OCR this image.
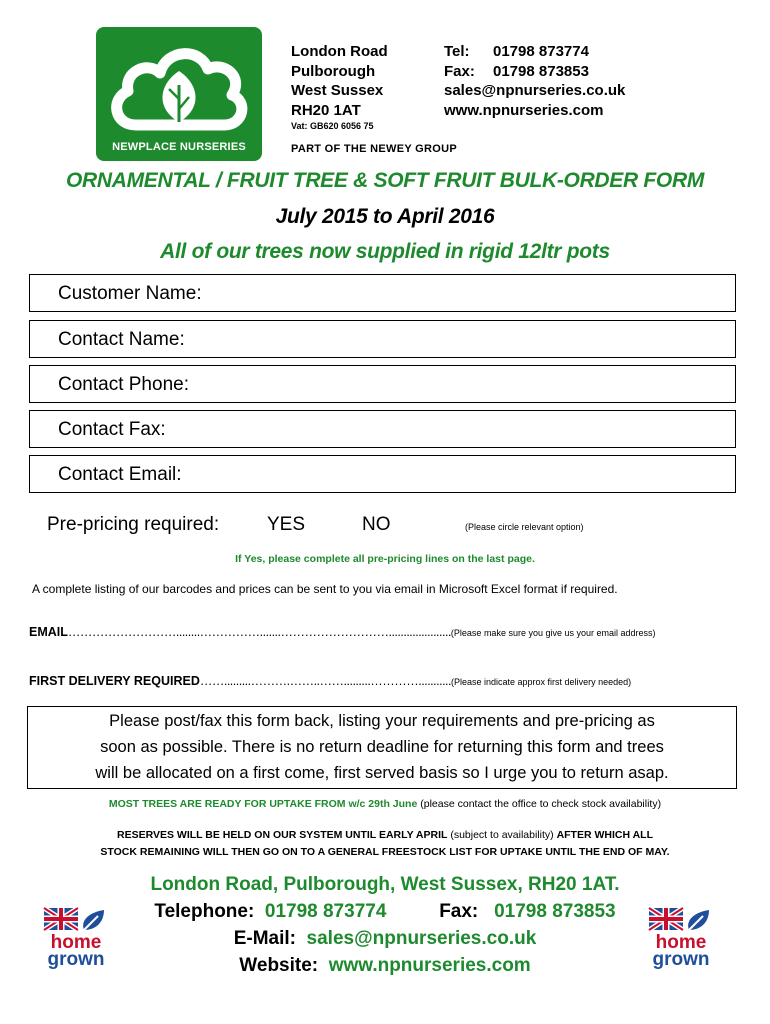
NEWPLACE NURSERIES
London Road
Pulborough
West Sussex
RH20 1AT
Tel: 01798 873774
Fax: 01798 873853
sales@npnurseries.co.uk
www.npnurseries.com
Vat: GB620 6056 75
PART OF THE NEWEY GROUP
ORNAMENTAL / FRUIT TREE & SOFT FRUIT BULK-ORDER FORM
July 2015 to April 2016
All of our trees now supplied in rigid 12ltr pots
Customer Name:
Contact Name:
Contact Phone:
Contact Fax:
Contact Email:
Pre-pricing required:	YES	NO	(Please circle relevant option)
If Yes, please complete all pre-pricing lines on the last page.
A complete listing of our barcodes and prices can be sent to you via email in Microsoft Excel format if required.
EMAIL………………………........…………….......……………………….....................(Please make sure you give us your email address)
FIRST DELIVERY REQUIRED…….........……….……..…….........…………...........(Please indicate approx first delivery needed)
Please post/fax this form back, listing your requirements and pre-pricing as
soon as possible. There is no return deadline for returning this form and trees
will be allocated on a first come, first served basis so I urge you to return asap.
MOST TREES ARE READY FOR UPTAKE FROM w/c 29th June (please contact the office to check stock availability)
RESERVES WILL BE HELD ON OUR SYSTEM UNTIL EARLY APRIL (subject to availability) AFTER WHICH ALL
STOCK REMAINING WILL THEN GO ON TO A GENERAL FREESTOCK LIST FOR UPTAKE UNTIL THE END OF MAY.
London Road, Pulborough, West Sussex, RH20 1AT.
Telephone: 01798 873774	Fax: 01798 873853
E-Mail: sales@npnurseries.co.uk
Website: www.npnurseries.com
home
grown
home
grown
